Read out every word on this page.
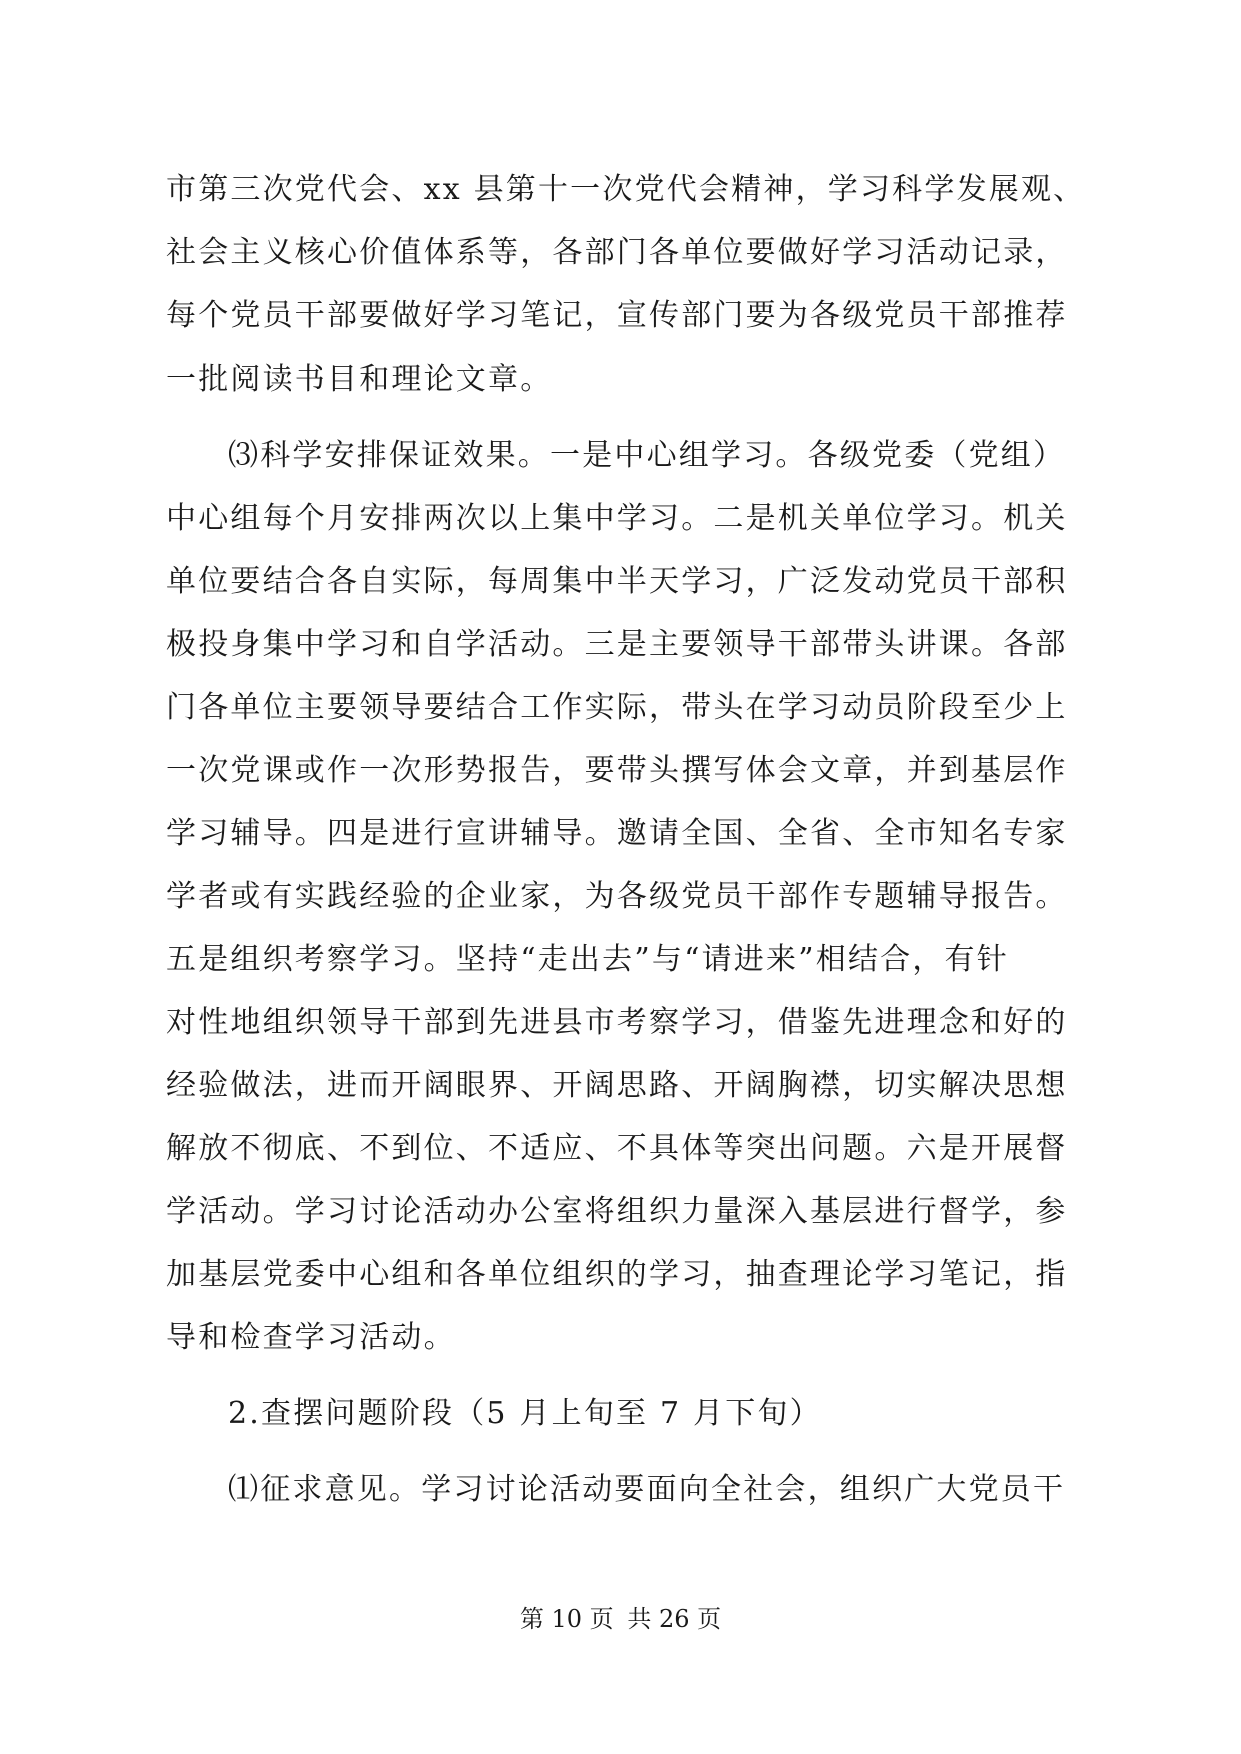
市第三次党代会、xx 县第十一次党代会精神，学习科学发展观、
社会主义核心价值体系等，各部门各单位要做好学习活动记录，
每个党员干部要做好学习笔记，宣传部门要为各级党员干部推荐
一批阅读书目和理论文章。
⑶科学安排保证效果。一是中心组学习。各级党委（党组）
中心组每个月安排两次以上集中学习。二是机关单位学习。机关
单位要结合各自实际，每周集中半天学习，广泛发动党员干部积
极投身集中学习和自学活动。三是主要领导干部带头讲课。各部
门各单位主要领导要结合工作实际，带头在学习动员阶段至少上
一次党课或作一次形势报告，要带头撰写体会文章，并到基层作
学习辅导。四是进行宣讲辅导。邀请全国、全省、全市知名专家
学者或有实践经验的企业家，为各级党员干部作专题辅导报告。
五是组织考察学习。坚持“走出去”与“请进来”相结合，有针
对性地组织领导干部到先进县市考察学习，借鉴先进理念和好的
经验做法，进而开阔眼界、开阔思路、开阔胸襟，切实解决思想
解放不彻底、不到位、不适应、不具体等突出问题。六是开展督
学活动。学习讨论活动办公室将组织力量深入基层进行督学，参
加基层党委中心组和各单位组织的学习，抽查理论学习笔记，指
导和检查学习活动。
2.查摆问题阶段（5 月上旬至 7 月下旬）
⑴征求意见。学习讨论活动要面向全社会，组织广大党员干
第 10 页 共 26 页
